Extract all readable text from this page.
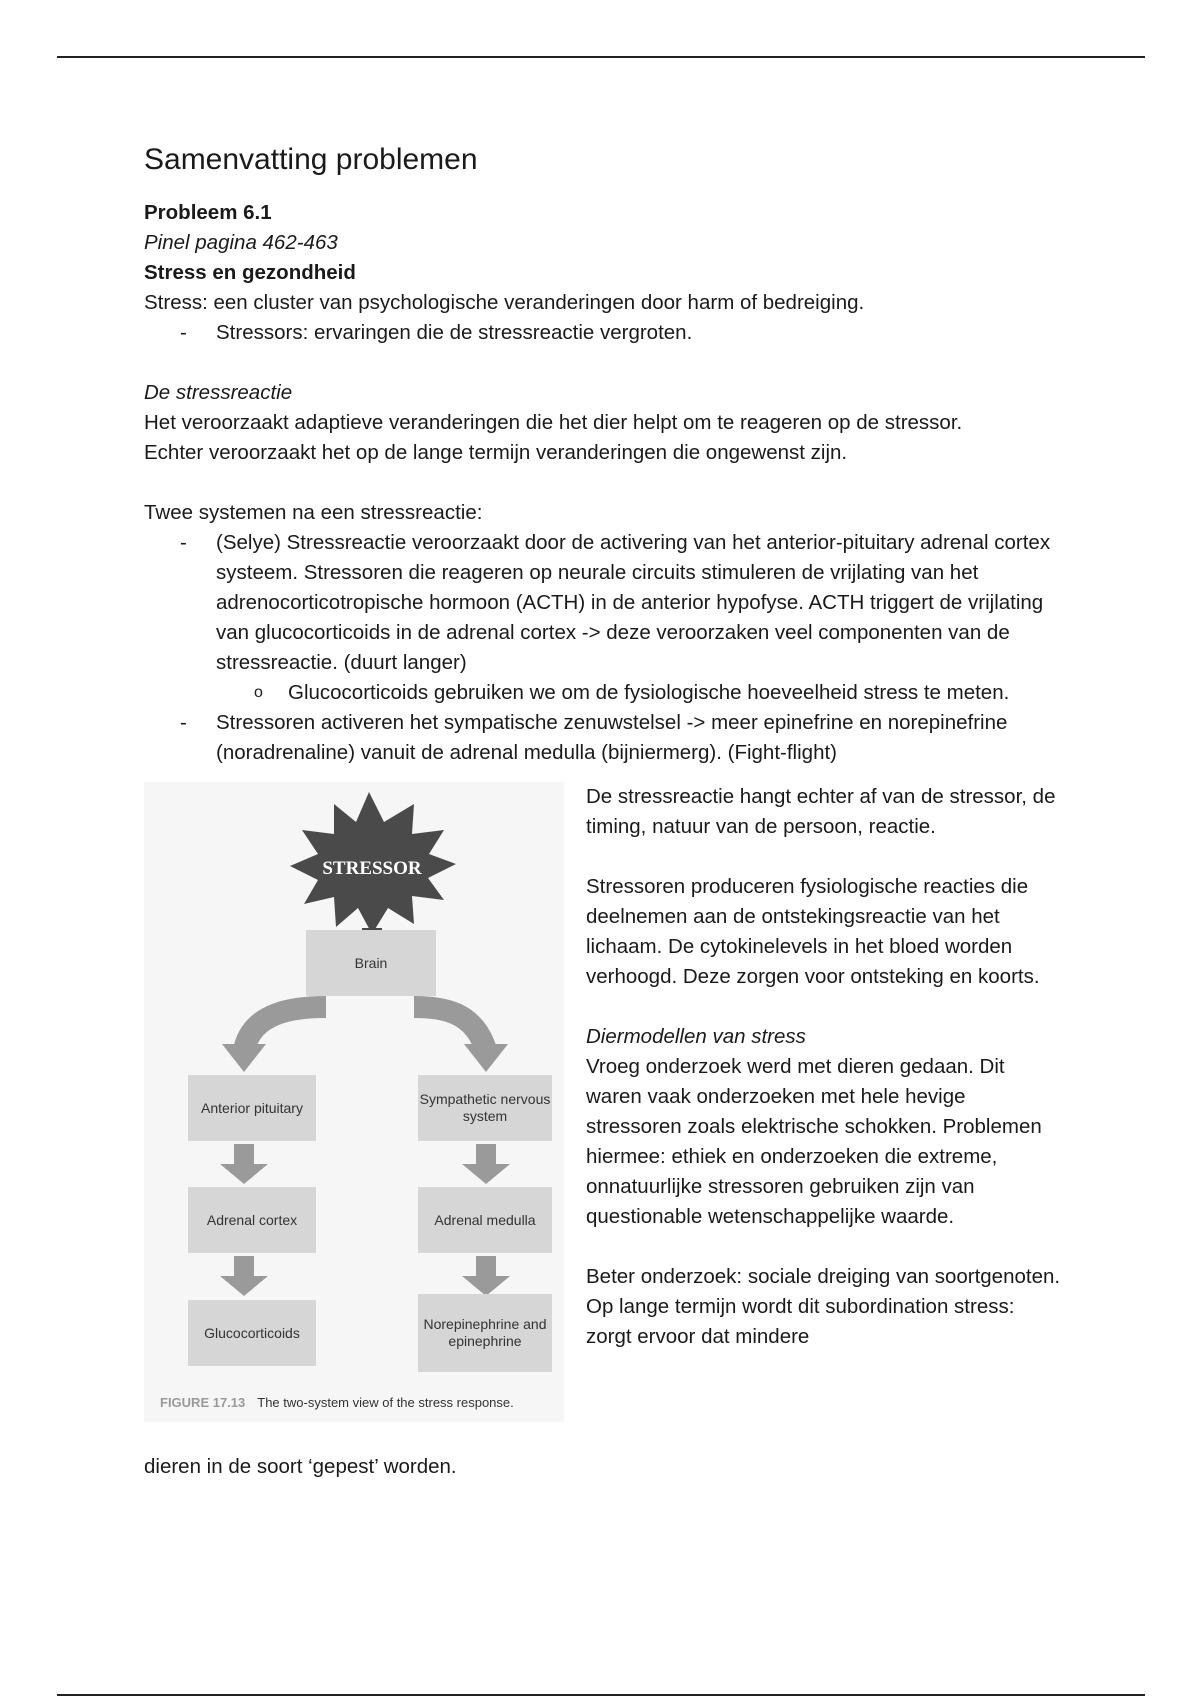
Samenvatting problemen

Probleem 6.1

Pinel pagina 462-463

Stress en gezondheid

Stress: een cluster van psychologische veranderingen door harm of bedreiging.

- Stressors: ervaringen die de stressreactie vergroten.

De stressreactie

Het veroorzaakt adaptieve veranderingen die het dier helpt om te reageren op de stressor.

Echter veroorzaakt het op de lange termijn veranderingen die ongewenst zijn.

Twee systemen na een stressreactie:

- (Selye) Stressreactie veroorzaakt door de activering van het anterior-pituitary adrenal cortex systeem. Stressoren die reageren op neurale circuits stimuleren de vrijlating van het adrenocorticotropische hormoon (ACTH) in de anterior hypofyse. ACTH triggert de vrijlating van glucocorticoids in de adrenal cortex -> deze veroorzaken veel componenten van de stressreactie. (duurt langer)
o Glucocorticoids gebruiken we om de fysiologische hoeveelheid stress te meten.
- Stressoren activeren het sympatische zenuwstelsel -> meer epinefrine en norepinefrine (noradrenaline) vanuit de adrenal medulla (bijniermerg). (Fight-flight)
STRESSOR
Brain
Anterior pituitary
Sympathetic nervous system
Adrenal cortex	Adrenal medulla
Glucocorticoids
Norepinephrine and epinephrine
FIGURE 17.13 The two-system view of the stress response.

De stressreactie hangt echter af van de stressor, de timing, natuur van de persoon, reactie.

Stressoren produceren fysiologische reacties die deelnemen aan de ontstekingsreactie van het lichaam. De cytokinelevels in het bloed worden verhoogd. Deze zorgen voor ontsteking en koorts.

Diermodellen van stress

Vroeg onderzoek werd met dieren gedaan. Dit waren vaak onderzoeken met hele hevige stressoren zoals elektrische schokken. Problemen hiermee: ethiek en onderzoeken die extreme, onnatuurlijke stressoren gebruiken zijn van questionable wetenschappelijke waarde.

Beter onderzoek: sociale dreiging van soortgenoten. Op lange termijn wordt dit subordination stress: zorgt ervoor dat mindere

dieren in de soort ‘gepest’ worden.
